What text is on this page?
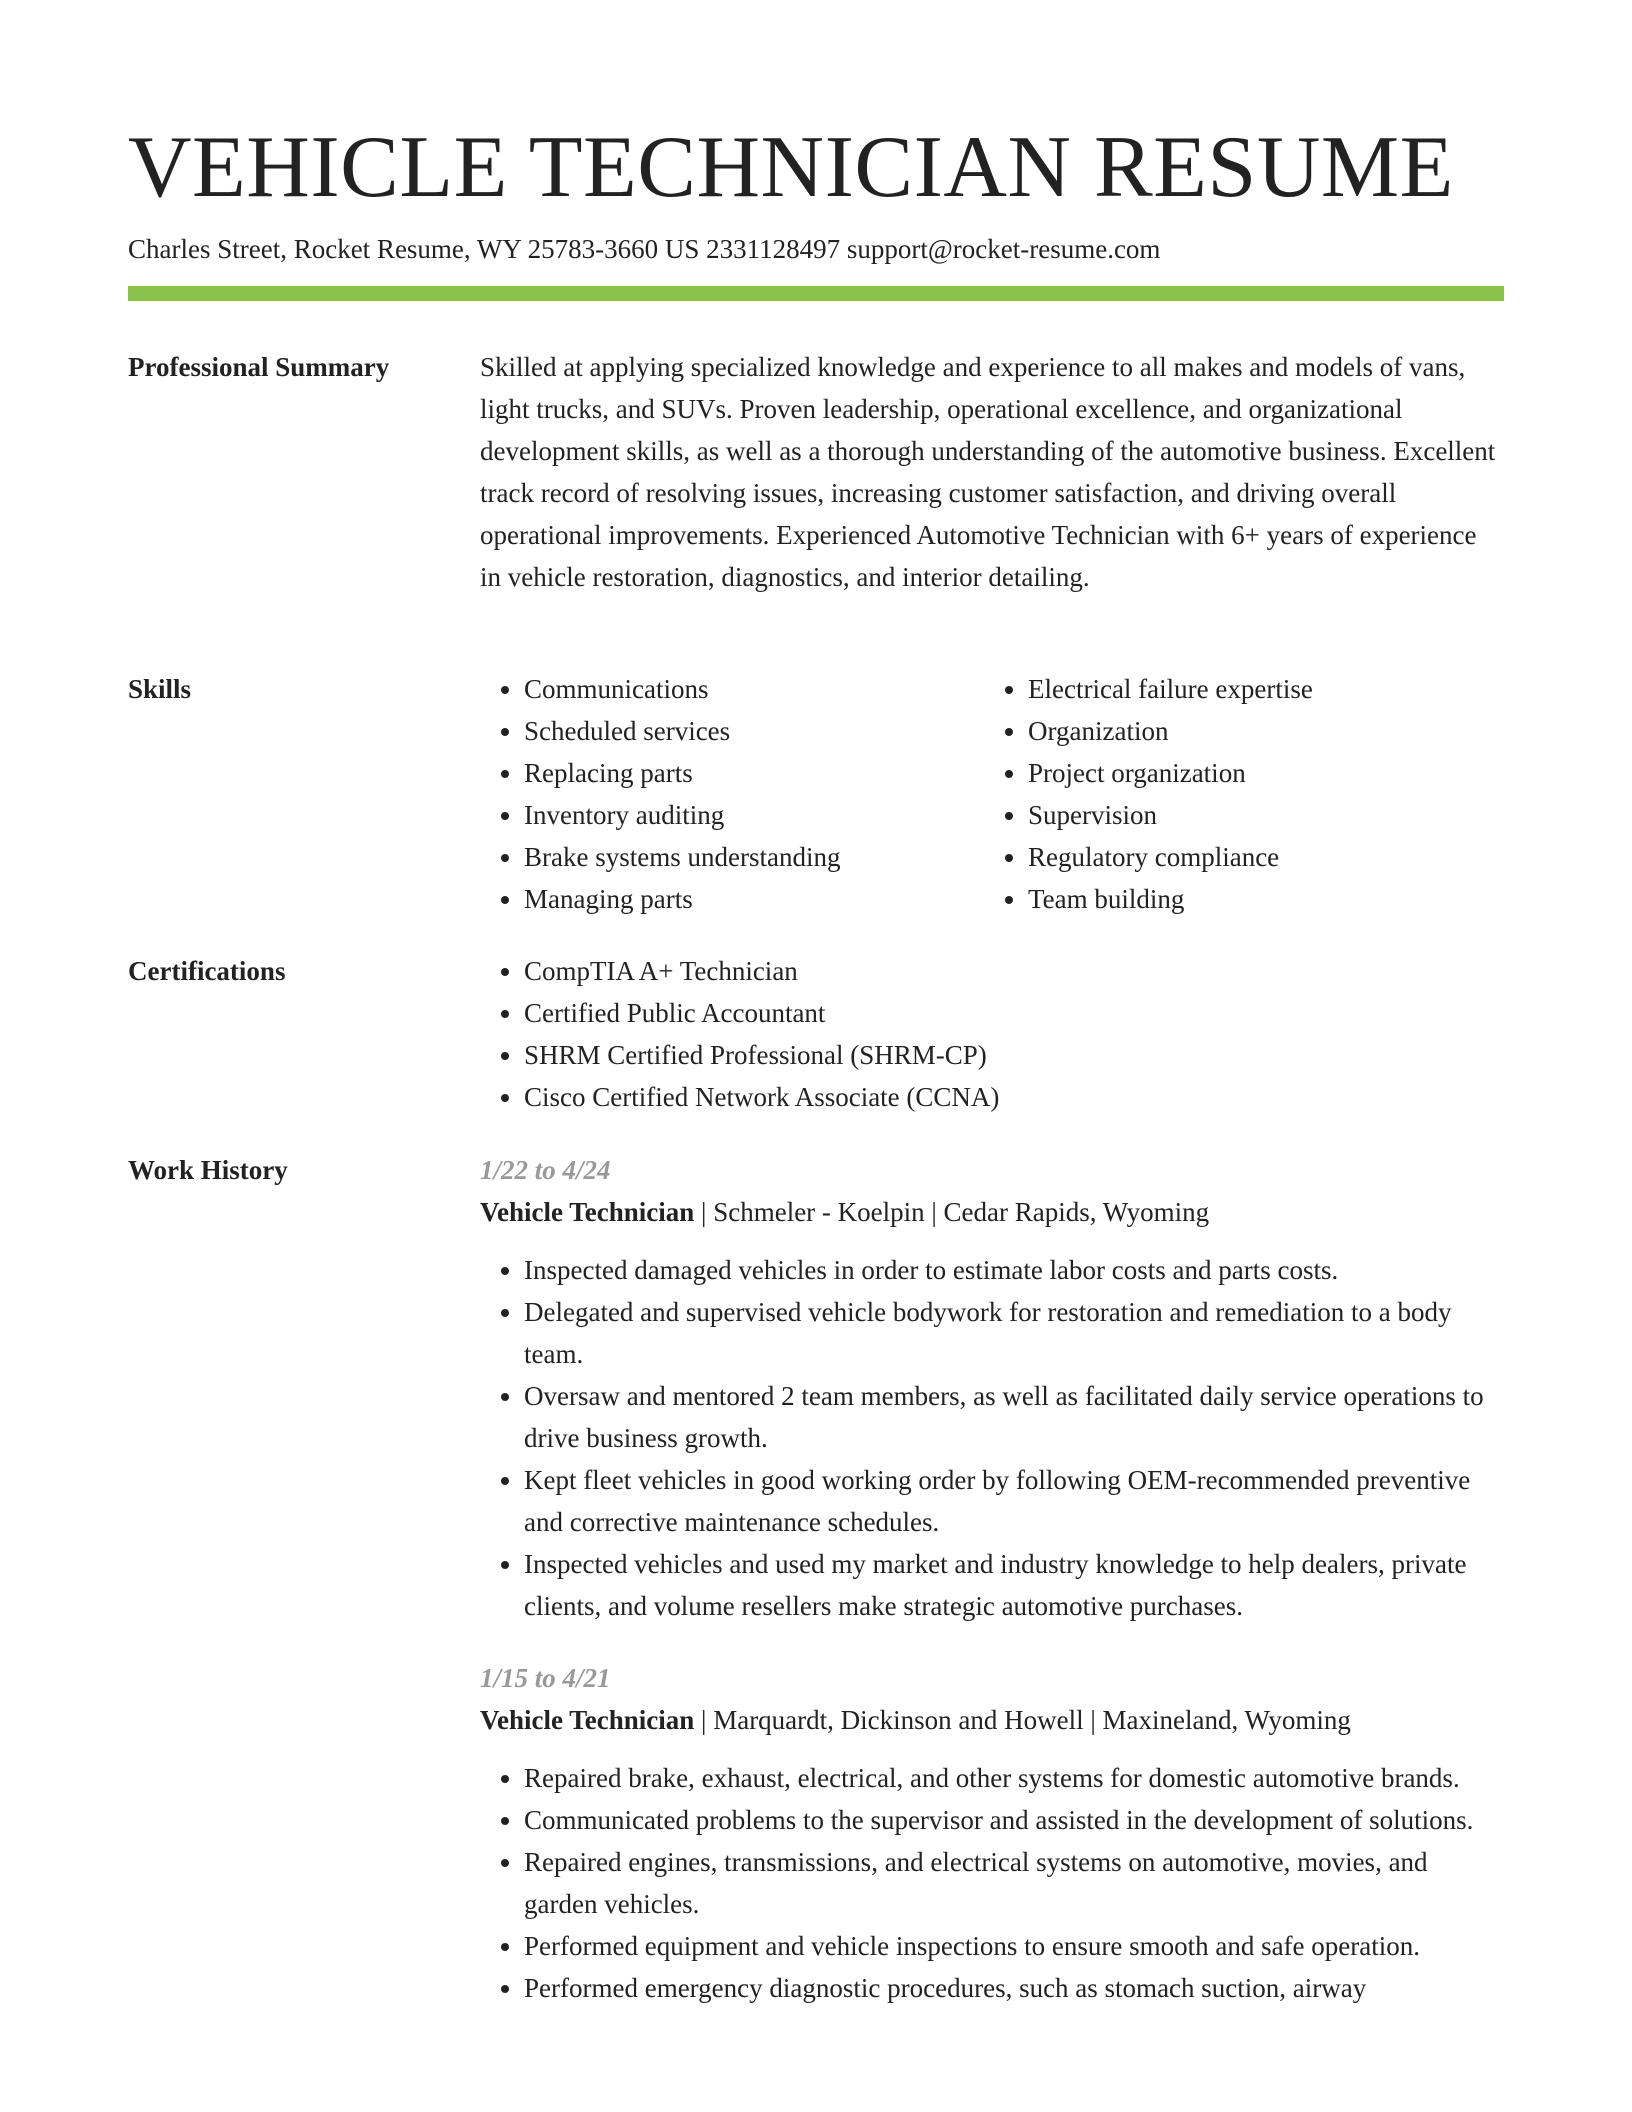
VEHICLE TECHNICIAN RESUME
Charles Street, Rocket Resume, WY 25783-3660 US 2331128497 support@rocket-resume.com
Professional Summary	Skilled at applying specialized knowledge and experience to all makes and models of vans, light trucks, and SUVs. Proven leadership, operational excellence, and organizational development skills, as well as a thorough understanding of the automotive business. Excellent track record of resolving issues, increasing customer satisfaction, and driving overall operational improvements. Experienced Automotive Technician with 6+ years of experience in vehicle restoration, diagnostics, and interior detailing.

Skills	• Communications
• Scheduled services
• Replacing parts
• Inventory auditing
• Brake systems understanding
• Managing parts
• Electrical failure expertise
• Organization
• Project organization
• Supervision
• Regulatory compliance
• Team building
Certifications	• CompTIA A+ Technician
• Certified Public Accountant
• SHRM Certified Professional (SHRM-CP)
• Cisco Certified Network Associate (CCNA)
Work History	1/22 to 4/24
Vehicle Technician | Schmeler - Koelpin | Cedar Rapids, Wyoming
• Inspected damaged vehicles in order to estimate labor costs and parts costs.
• Delegated and supervised vehicle bodywork for restoration and remediation to a body team.
• Oversaw and mentored 2 team members, as well as facilitated daily service operations to drive business growth.
• Kept fleet vehicles in good working order by following OEM-recommended preventive and corrective maintenance schedules.
• Inspected vehicles and used my market and industry knowledge to help dealers, private clients, and volume resellers make strategic automotive purchases.
1/15 to 4/21
Vehicle Technician | Marquardt, Dickinson and Howell | Maxineland, Wyoming
• Repaired brake, exhaust, electrical, and other systems for domestic automotive brands.
• Communicated problems to the supervisor and assisted in the development of solutions.
• Repaired engines, transmissions, and electrical systems on automotive, movies, and garden vehicles.
• Performed equipment and vehicle inspections to ensure smooth and safe operation.
• Performed emergency diagnostic procedures, such as stomach suction, airway
